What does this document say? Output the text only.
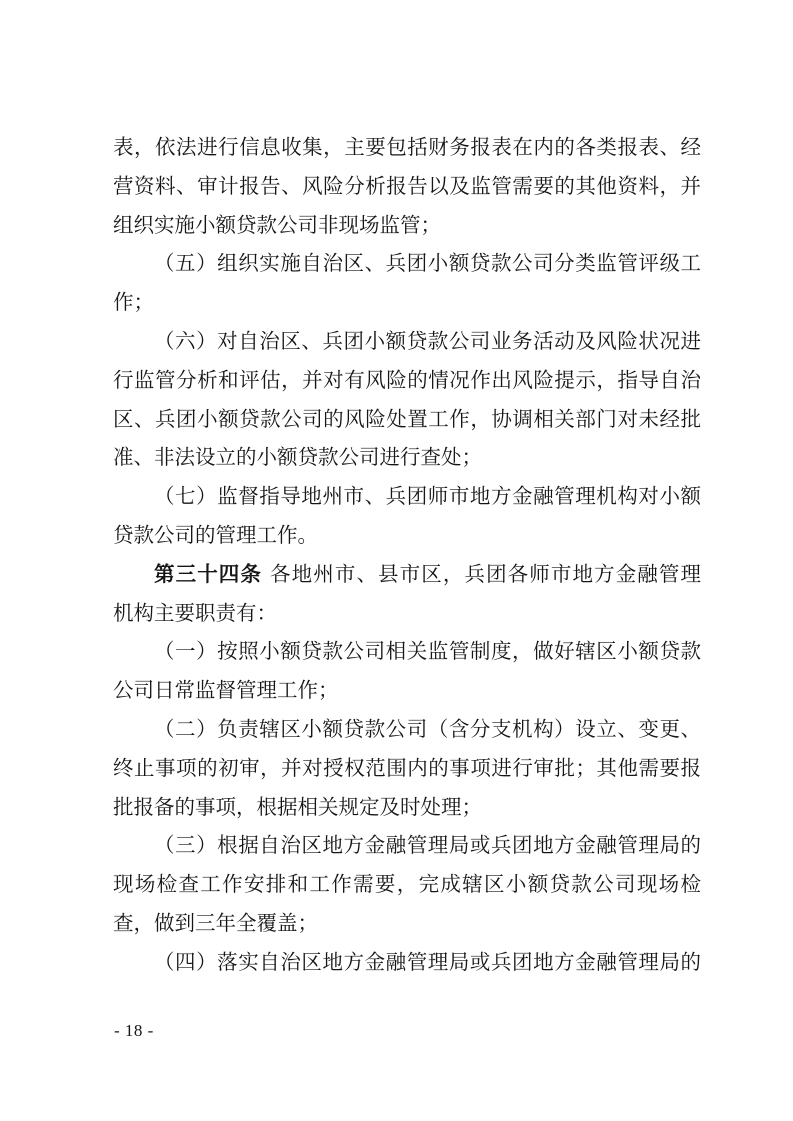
表，依法进行信息收集，主要包括财务报表在内的各类报表、经
营资料、审计报告、风险分析报告以及监管需要的其他资料，并
组织实施小额贷款公司非现场监管；
（五）组织实施自治区、兵团小额贷款公司分类监管评级工
作；
（六）对自治区、兵团小额贷款公司业务活动及风险状况进
行监管分析和评估，并对有风险的情况作出风险提示，指导自治
区、兵团小额贷款公司的风险处置工作，协调相关部门对未经批
准、非法设立的小额贷款公司进行查处；
（七）监督指导地州市、兵团师市地方金融管理机构对小额
贷款公司的管理工作。
第三十四条 各地州市、县市区，兵团各师市地方金融管理
机构主要职责有：
（一）按照小额贷款公司相关监管制度，做好辖区小额贷款
公司日常监督管理工作；
（二）负责辖区小额贷款公司（含分支机构）设立、变更、
终止事项的初审，并对授权范围内的事项进行审批；其他需要报
批报备的事项，根据相关规定及时处理；
（三）根据自治区地方金融管理局或兵团地方金融管理局的
现场检查工作安排和工作需要，完成辖区小额贷款公司现场检
查，做到三年全覆盖；
（四）落实自治区地方金融管理局或兵团地方金融管理局的
- 18 -
